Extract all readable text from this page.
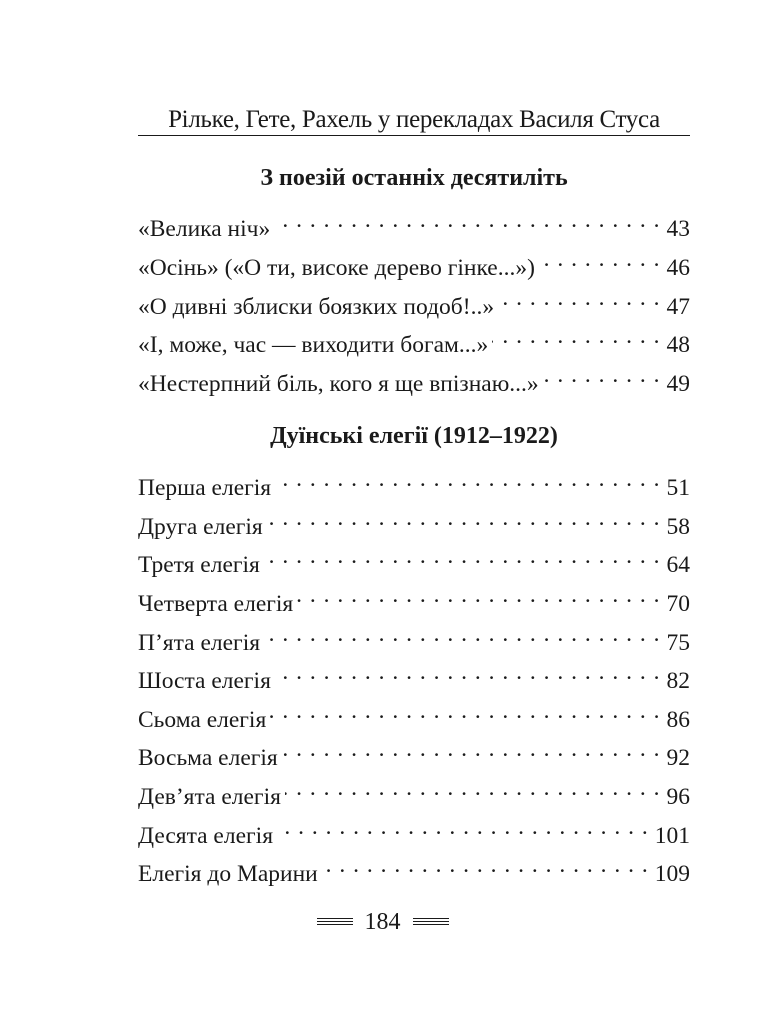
Рільке, Гете, Рахель у перекладах Василя Стуса
З поезій останніх десятиліть
«Велика ніч» . . .	43
«Осінь» («О ти, високе дерево гінке...») . . .	46
«О дивні зблиски боязких подоб!..» . . .	47
«І, може, час — виходити богам...» . . .	48
«Нестерпний біль, кого я ще впізнаю...» . . .	49
Дуїнські елегії (1912–1922)
Перша елегія . . .	51
Друга елегія . . .	58
Третя елегія . . .	64
Четверта елегія . . .	70
П’ята елегія . . .	75
Шоста елегія . . .	82
Сьома елегія . . .	86
Восьма елегія . . .	92
Дев’ята елегія . . .	96
Десята елегія . . .	101
Елегія до Марини . . .	109
184
